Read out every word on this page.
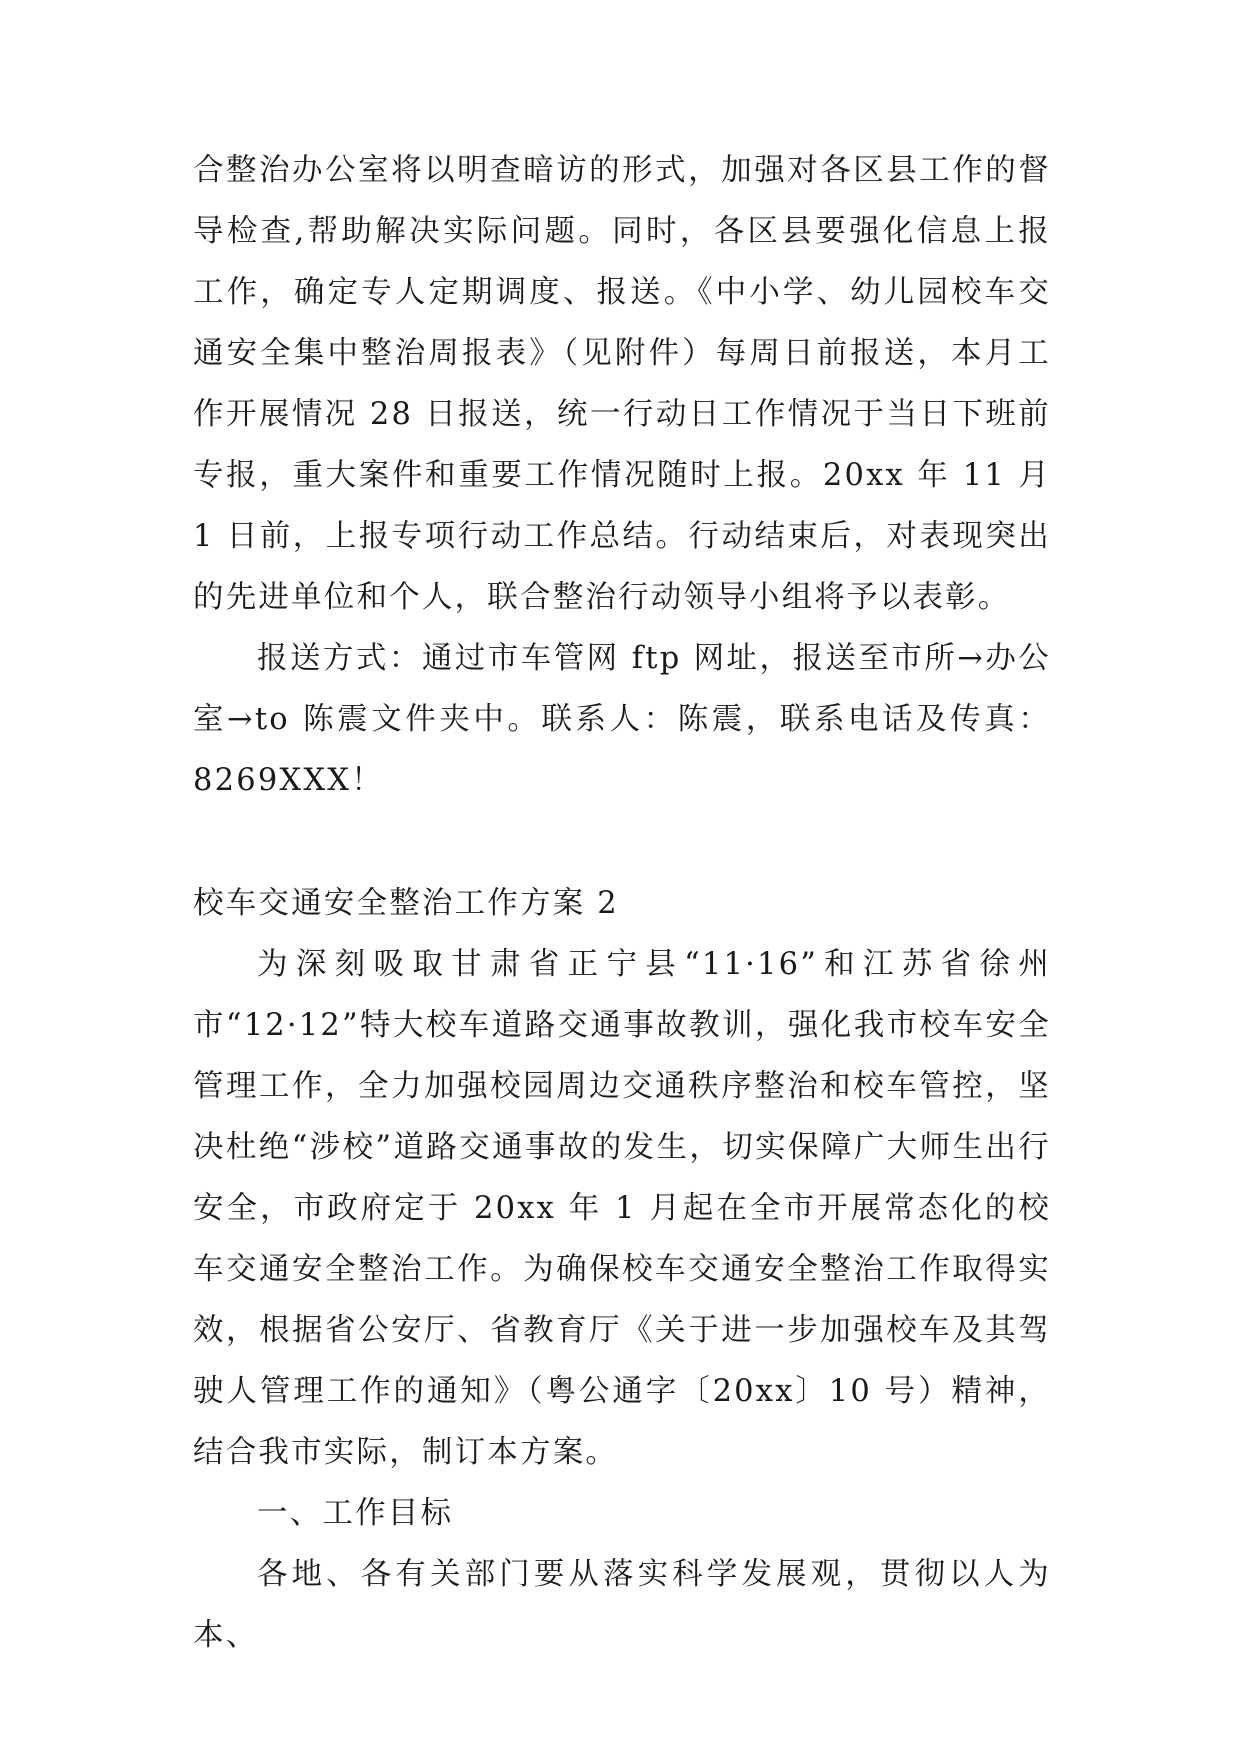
合整治办公室将以明查暗访的形式，加强对各区县工作的督导检查,帮助解决实际问题。同时，各区县要强化信息上报工作，确定专人定期调度、报送。《中小学、幼儿园校车交通安全集中整治周报表》（见附件）每周日前报送，本月工作开展情况 28 日报送，统一行动日工作情况于当日下班前专报，重大案件和重要工作情况随时上报。20xx 年 11 月 1 日前，上报专项行动工作总结。行动结束后，对表现突出的先进单位和个人，联合整治行动领导小组将予以表彰。

报送方式：通过市车管网 ftp 网址，报送至市所→办公室→to 陈震文件夹中。联系人：陈震，联系电话及传真：8269XXX！

校车交通安全整治工作方案 2

为深刻吸取甘肃省正宁县“11·16”和江苏省徐州市“12·12”特大校车道路交通事故教训，强化我市校车安全管理工作，全力加强校园周边交通秩序整治和校车管控，坚决杜绝“涉校”道路交通事故的发生，切实保障广大师生出行安全，市政府定于 20xx 年 1 月起在全市开展常态化的校车交通安全整治工作。为确保校车交通安全整治工作取得实效，根据省公安厅、省教育厅《关于进一步加强校车及其驾驶人管理工作的通知》（粤公通字〔20xx〕10 号）精神，结合我市实际，制订本方案。

一、工作目标

各地、各有关部门要从落实科学发展观，贯彻以人为本、
